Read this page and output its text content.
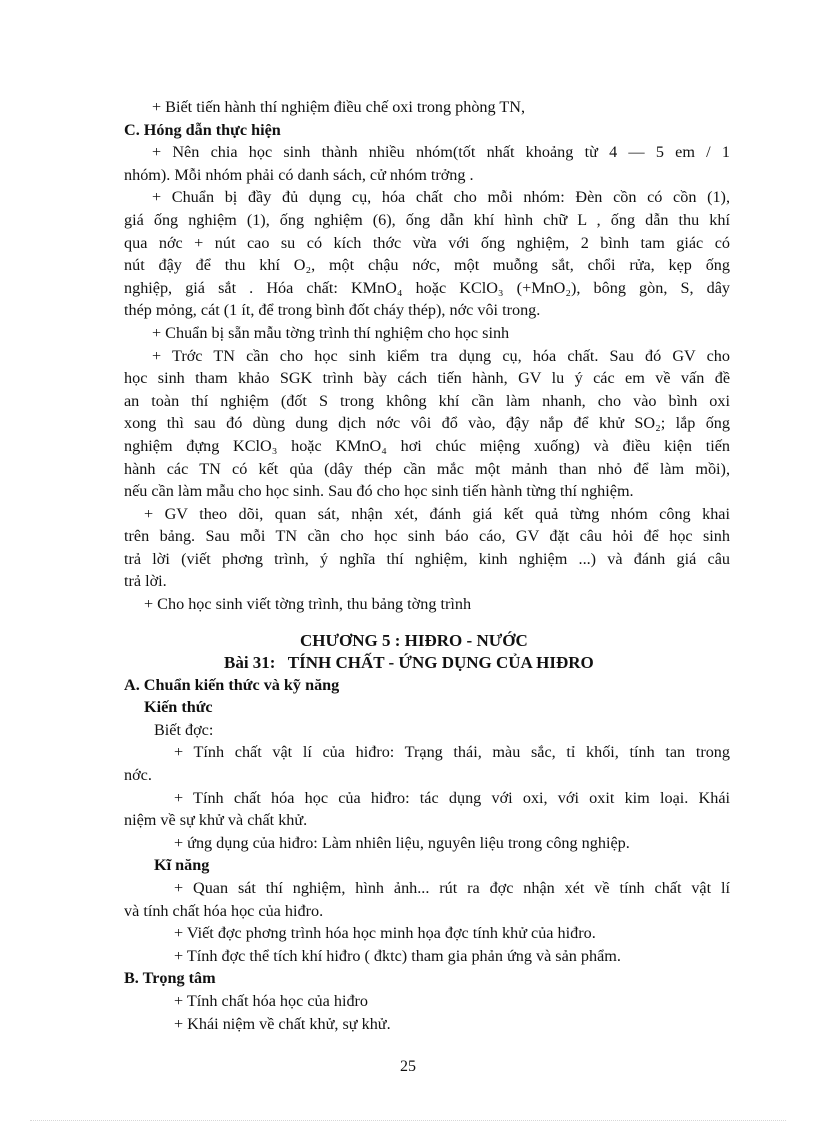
+ Biết tiến hành thí nghiệm điều chế oxi trong phòng TN,
C. Hóng dẫn thực hiện
+ Nên chia học sinh thành nhiều nhóm(tốt nhất khoảng từ 4 — 5 em / 1
nhóm). Mỗi nhóm phải có danh sách, cử nhóm trởng .
+ Chuẩn bị đầy đủ dụng cụ, hóa chất cho mỗi nhóm: Đèn cồn có cồn (1),
giá ống nghiệm (1), ống nghiệm (6), ống dẫn khí hình chữ L , ống dẫn thu khí
qua nớc + nút cao su có kích thớc vừa với ống nghiệm, 2 bình tam giác có
nút đậy để thu khí O₂, một chậu nớc, một muỗng sắt, chổi rửa, kẹp ống
nghiệp, giá sắt . Hóa chất: KMnO₄ hoặc KClO₃ (+MnO₂), bông gòn, S, dây
thép mỏng, cát (1 ít, để trong bình đốt cháy thép), nớc vôi trong.
+ Chuẩn bị sẵn mẫu tờng trình thí nghiệm cho học sinh
+ Trớc TN cần cho học sinh kiểm tra dụng cụ, hóa chất. Sau đó GV cho
học sinh tham khảo SGK trình bày cách tiến hành, GV lu ý các em về vấn đề
an toàn thí nghiệm (đốt S trong không khí cần làm nhanh, cho vào bình oxi
xong thì sau đó dùng dung dịch nớc vôi đổ vào, đậy nắp để khử SO₂; lắp ống
nghiệm đựng KClO₃ hoặc KMnO₄ hơi chúc miệng xuống) và điều kiện tiến
hành các TN có kết qủa (dây thép cần mắc một mảnh than nhỏ để làm mồi),
nếu cần làm mẫu cho học sinh. Sau đó cho học sinh tiến hành từng thí nghiệm.
+ GV theo dõi, quan sát, nhận xét, đánh giá kết quả từng nhóm công khai
trên bảng. Sau mỗi TN cần cho học sinh báo cáo, GV đặt câu hỏi để học sinh
trả lời (viết phơng trình, ý nghĩa thí nghiệm, kinh nghiệm ...) và đánh giá câu
trả lời.
+ Cho học sinh viết tờng trình, thu bảng tờng trình
CHƯƠNG 5 : HIĐRO - NƯỚC
Bài 31: TÍNH CHẤT - ỨNG DỤNG CỦA HIĐRO
A. Chuẩn kiến thức và kỹ năng
Kiến thức
Biết đợc:
+ Tính chất vật lí của hiđro: Trạng thái, màu sắc, tỉ khối, tính tan trong
nớc.
+ Tính chất hóa học của hiđro: tác dụng với oxi, với oxit kim loại. Khái
niệm về sự khử và chất khử.
+ ứng dụng của hiđro: Làm nhiên liệu, nguyên liệu trong công nghiệp.
Kĩ năng
+ Quan sát thí nghiệm, hình ảnh... rút ra đợc nhận xét về tính chất vật lí
và tính chất hóa học của hiđro.
+ Viết đợc phơng trình hóa học minh họa đợc tính khử của hiđro.
+ Tính đợc thể tích khí hiđro ( đktc) tham gia phản ứng và sản phẩm.
B. Trọng tâm
+ Tính chất hóa học của hiđro
+ Khái niệm về chất khử, sự khử.
25
